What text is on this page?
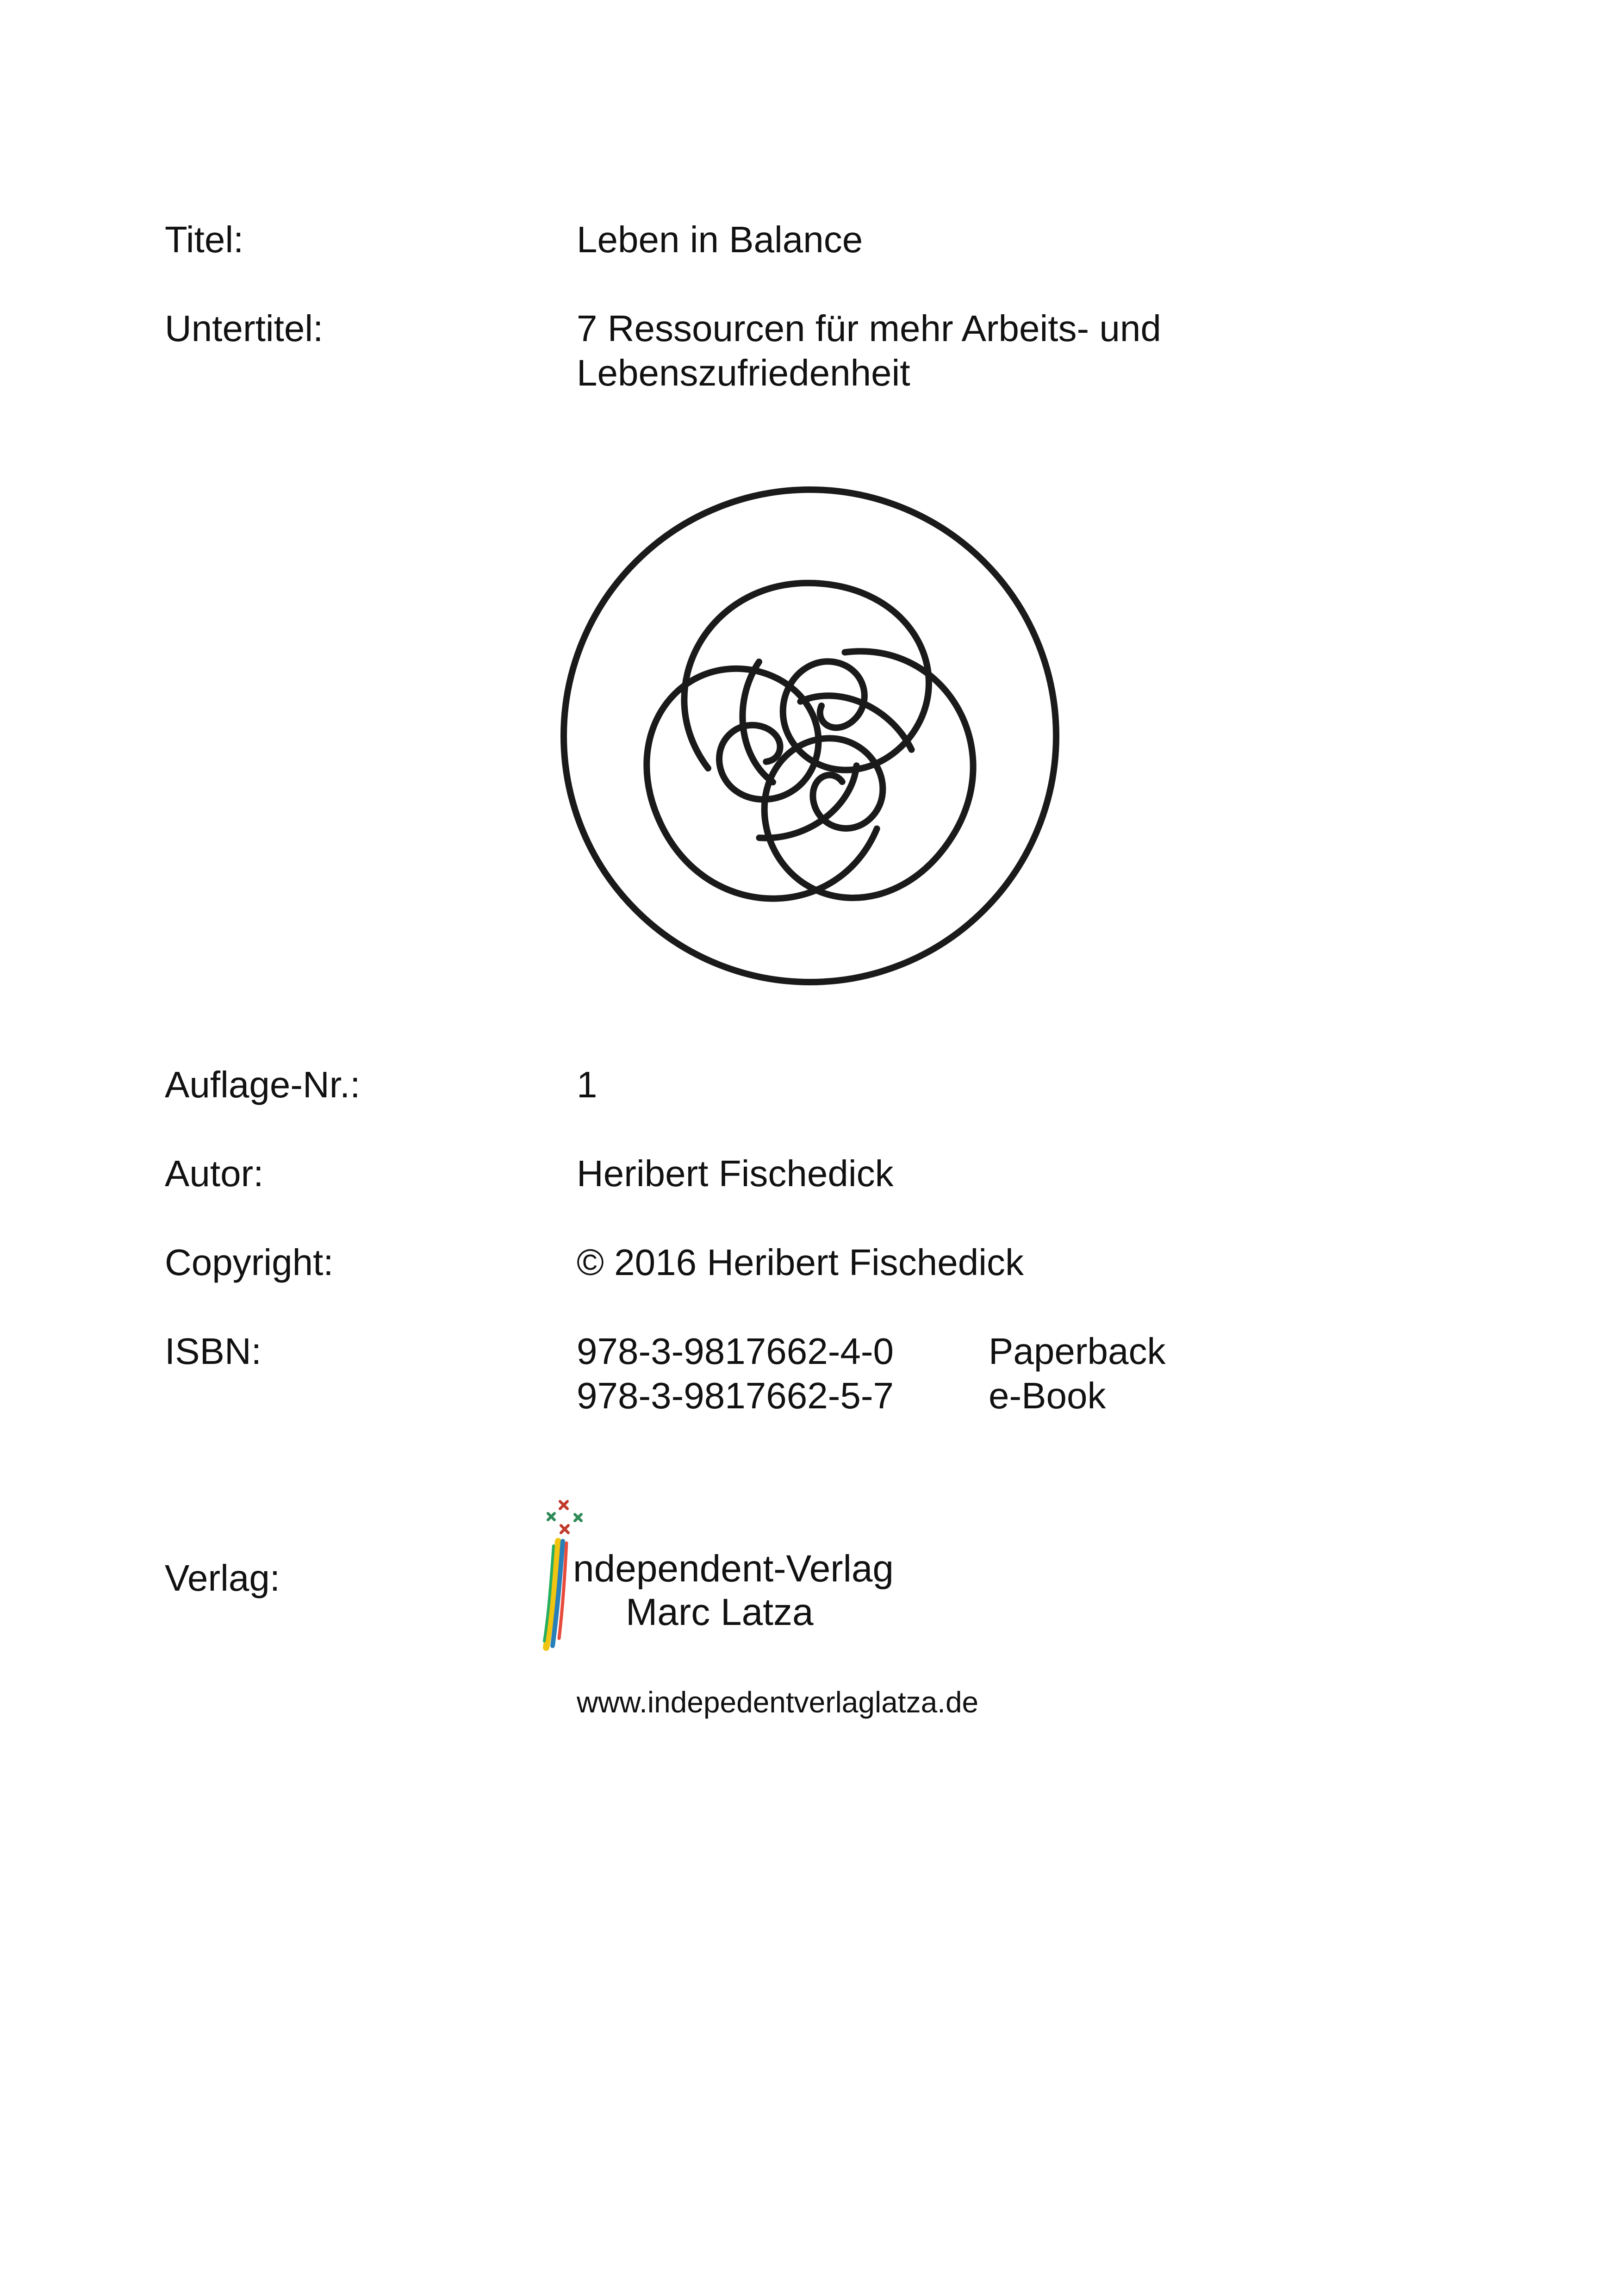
Titel:	Leben in Balance
Untertitel:	7 Ressourcen für mehr Arbeits- und
Lebenszufriedenheit
Auflage-Nr.:	1
Autor:	Heribert Fischedick
Copyright:	© 2016 Heribert Fischedick
ISBN:	978-3-9817662-4-0	Paperback
978-3-9817662-5-7	e-Book
Verlag:	ndependent-Verlag
Marc Latza
www.indepedentverlaglatza.de
